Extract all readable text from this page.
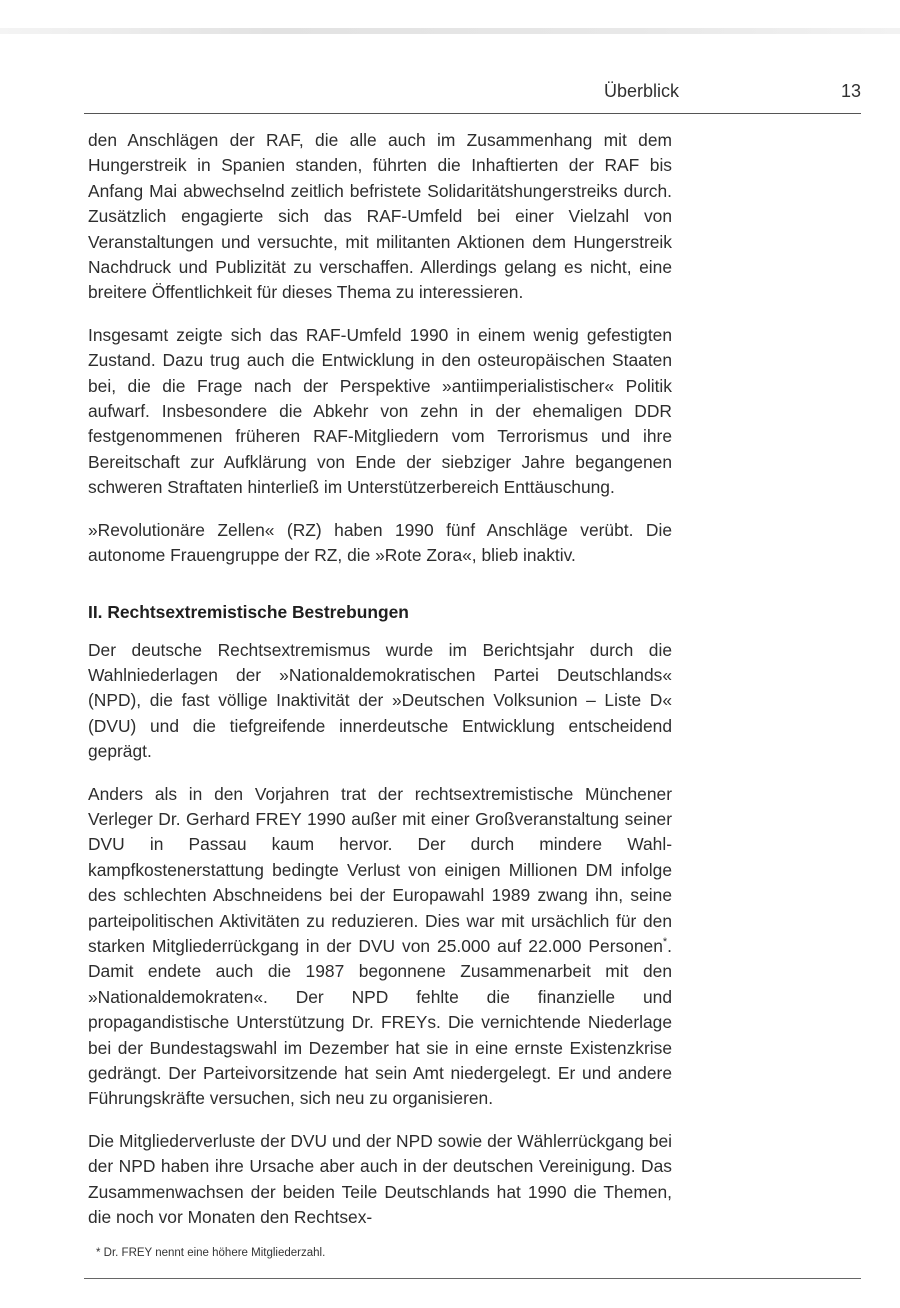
Überblick	13

den Anschlägen der RAF, die alle auch im Zusammenhang mit dem Hungerstreik in Spanien standen, führten die Inhaftierten der RAF bis Anfang Mai abwechselnd zeitlich befristete Solidaritätshungerstreiks durch. Zusätzlich engagierte sich das RAF-Umfeld bei einer Vielzahl von Veranstaltungen und versuchte, mit militanten Aktionen dem Hungerstreik Nachdruck und Publizität zu verschaffen. Allerdings gelang es nicht, eine breitere Öffentlichkeit für dieses Thema zu interessieren.

Insgesamt zeigte sich das RAF-Umfeld 1990 in einem wenig gefestigten Zustand. Dazu trug auch die Entwicklung in den osteuropäischen Staaten bei, die die Frage nach der Perspektive »antiimperialistischer« Politik aufwarf. Insbesondere die Abkehr von zehn in der ehemaligen DDR festgenommenen früheren RAF-Mitgliedern vom Terrorismus und ihre Bereitschaft zur Aufklärung von Ende der siebziger Jahre begangenen schweren Straftaten hinterließ im Unterstützerbereich Enttäuschung.

»Revolutionäre Zellen« (RZ) haben 1990 fünf Anschläge verübt. Die autonome Frauengruppe der RZ, die »Rote Zora«, blieb inaktiv.

II. Rechtsextremistische Bestrebungen

Der deutsche Rechtsextremismus wurde im Berichtsjahr durch die Wahlniederlagen der »Nationaldemokratischen Partei Deutschlands« (NPD), die fast völlige Inaktivität der »Deutschen Volksunion – Liste D« (DVU) und die tiefgreifende innerdeutsche Entwicklung entscheidend geprägt.

Anders als in den Vorjahren trat der rechtsextremistische Münchener Verleger Dr. Gerhard FREY 1990 außer mit einer Großveranstaltung seiner DVU in Passau kaum hervor. Der durch mindere Wahlkampfkostenerstattung bedingte Verlust von einigen Millionen DM infolge des schlechten Abschneidens bei der Europawahl 1989 zwang ihn, seine parteipolitischen Aktivitäten zu reduzieren. Dies war mit ursächlich für den starken Mitgliederrückgang in der DVU von 25.000 auf 22.000 Personen*. Damit endete auch die 1987 begonnene Zusammenarbeit mit den »Nationaldemokraten«. Der NPD fehlte die finanzielle und propagandistische Unterstützung Dr. FREYs. Die vernichtende Niederlage bei der Bundestagswahl im Dezember hat sie in eine ernste Existenzkrise gedrängt. Der Parteivorsitzende hat sein Amt niedergelegt. Er und andere Führungskräfte versuchen, sich neu zu organisieren.

Die Mitgliederverluste der DVU und der NPD sowie der Wählerrückgang bei der NPD haben ihre Ursache aber auch in der deutschen Vereinigung. Das Zusammenwachsen der beiden Teile Deutschlands hat 1990 die Themen, die noch vor Monaten den Rechtsex-

* Dr. FREY nennt eine höhere Mitgliederzahl.
